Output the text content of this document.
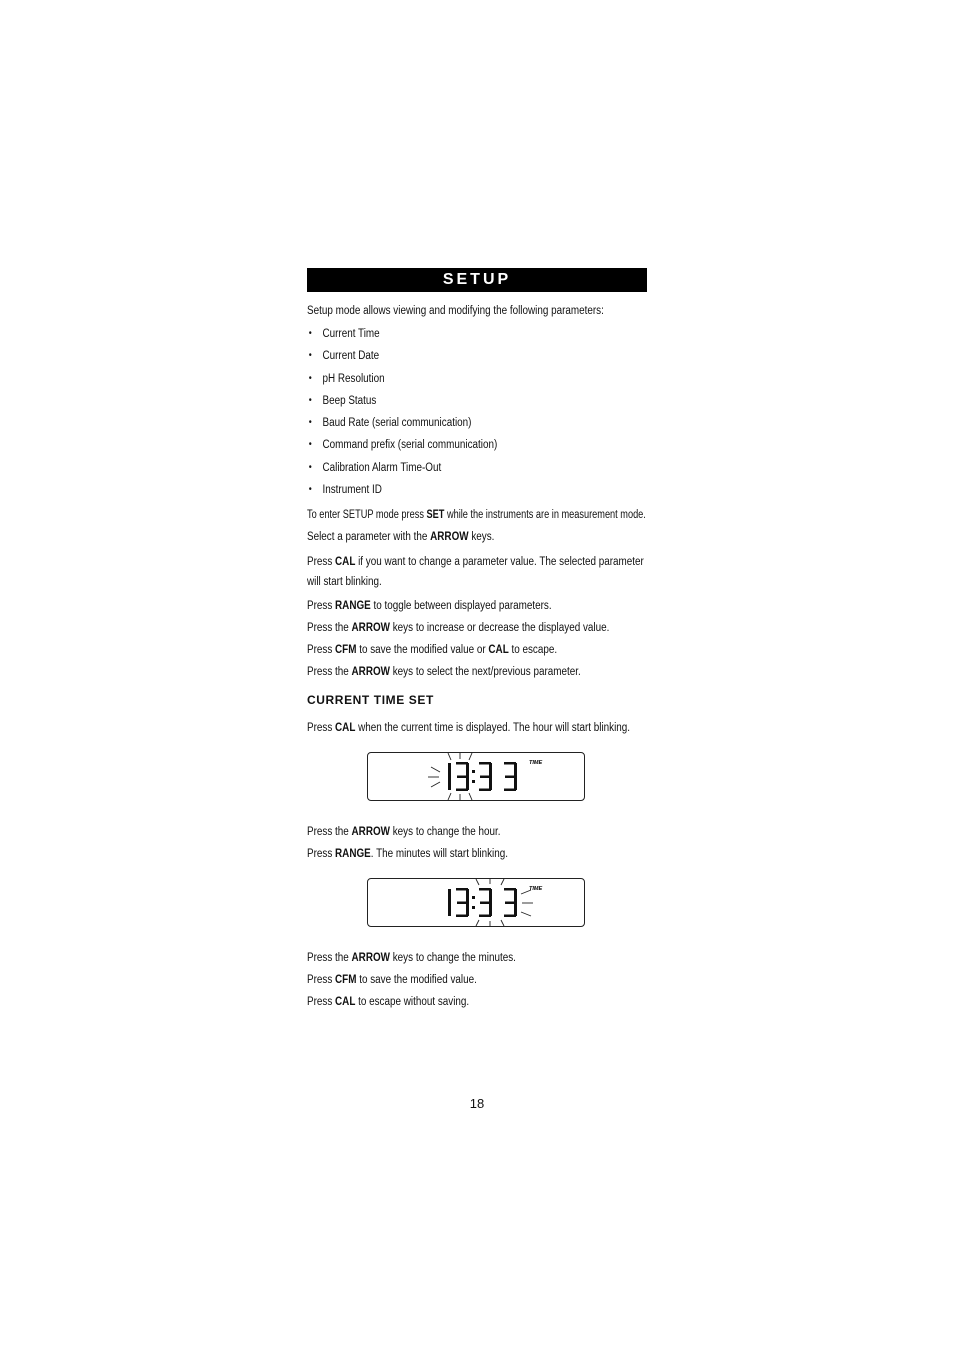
SETUP
Setup mode allows viewing and modifying the following parameters:
• Current Time
• Current Date
• pH Resolution
• Beep Status
• Baud Rate (serial communication)
• Command prefix (serial communication)
• Calibration Alarm Time-Out
• Instrument ID
To enter SETUP mode press SET while the instruments are in measurement mode.
Select a parameter with the ARROW keys.
Press CAL if you want to change a parameter value. The selected parameter will start blinking.
Press RANGE to toggle between displayed parameters.
Press the ARROW keys to increase or decrease the displayed value.
Press CFM to save the modified value or CAL to escape.
Press the ARROW keys to select the next/previous parameter.
CURRENT TIME SET
Press CAL when the current time is displayed. The hour will start blinking.
TIME
Press the ARROW keys to change the hour.
Press RANGE. The minutes will start blinking.
TIME
Press the ARROW keys to change the minutes.
Press CFM to save the modified value.
Press CAL to escape without saving.
18
